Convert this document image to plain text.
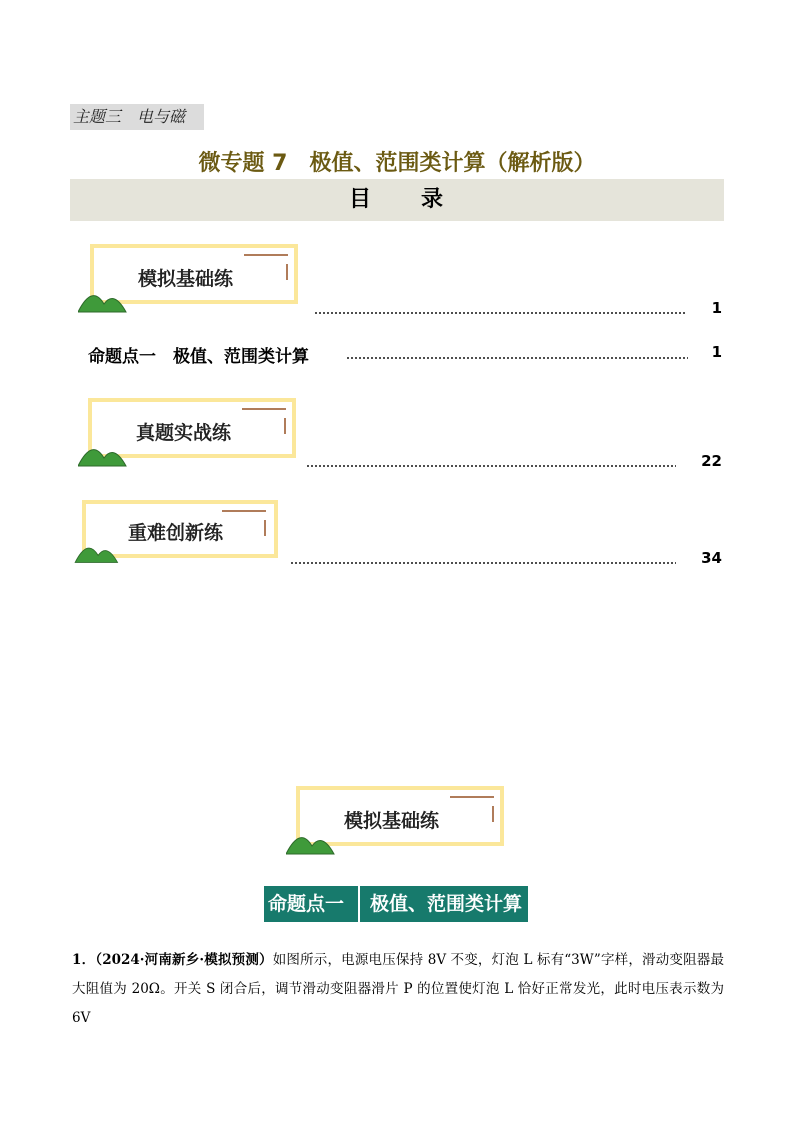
主题三　电与磁
微专题 7　极值、范围类计算（解析版）
目　　录
模拟基础练
1
命题点一　极值、范围类计算	1
真题实战练
22
重难创新练
34
模拟基础练
命题点一 极值、范围类计算
1．（2024·河南新乡·模拟预测）如图所示，电源电压保持 8V 不变，灯泡 L 标有“3W”字样，滑动变阻器最大阻值为 20Ω。开关 S 闭合后，调节滑动变阻器滑片 P 的位置使灯泡 L 恰好正常发光，此时电压表示数为 6V
